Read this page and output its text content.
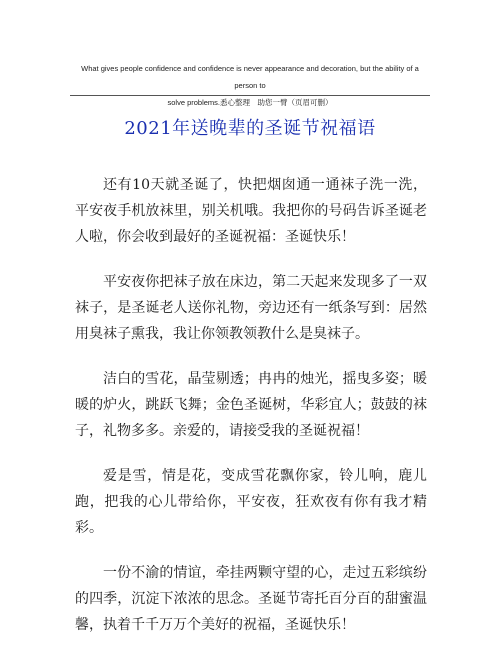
What gives people confidence and confidence is never appearance and decoration, but the ability of a person to
solve problems.悉心整理　助您一臂（页眉可删）
2021年送晚辈的圣诞节祝福语

还有10天就圣诞了，快把烟囱通一通袜子洗一洗，平安夜手机放袜里，别关机哦。我把你的号码告诉圣诞老人啦，你会收到最好的圣诞祝福：圣诞快乐！

平安夜你把袜子放在床边，第二天起来发现多了一双袜子，是圣诞老人送你礼物，旁边还有一纸条写到：居然用臭袜子熏我，我让你领教领教什么是臭袜子。

洁白的雪花，晶莹剔透；冉冉的烛光，摇曳多姿；暖暖的炉火，跳跃飞舞；金色圣诞树，华彩宜人；鼓鼓的袜子，礼物多多。亲爱的，请接受我的圣诞祝福！

爱是雪，情是花，变成雪花飘你家，铃儿响，鹿儿跑，把我的心儿带给你，平安夜，狂欢夜有你有我才精彩。

一份不渝的情谊，牵挂两颗守望的心，走过五彩缤纷的四季，沉淀下浓浓的思念。圣诞节寄托百分百的甜蜜温馨，执着千千万万个美好的祝福，圣诞快乐！
